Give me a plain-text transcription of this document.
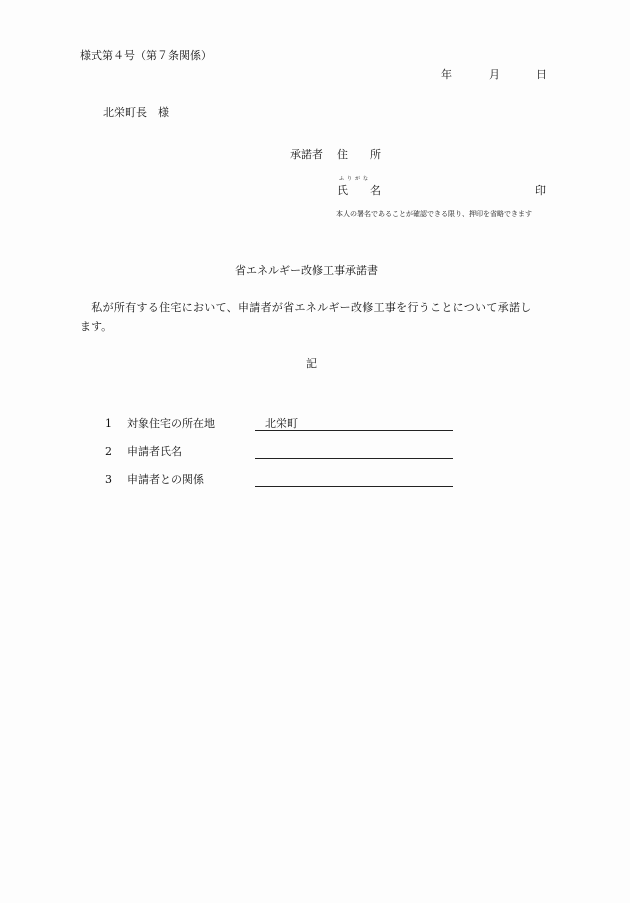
様式第４号（第７条関係）
年	月	日
北栄町長　様
承諾者 住　　所
ふりがな
氏　　名	印
本人の署名であることが確認できる限り、押印を省略できます
省エネルギー改修工事承諾書
　私が所有する住宅において、申請者が省エネルギー改修工事を行うことについて承諾し
ます。
記
1 対象住宅の所在地	北栄町
2 申請者氏名
3 申請者との関係
